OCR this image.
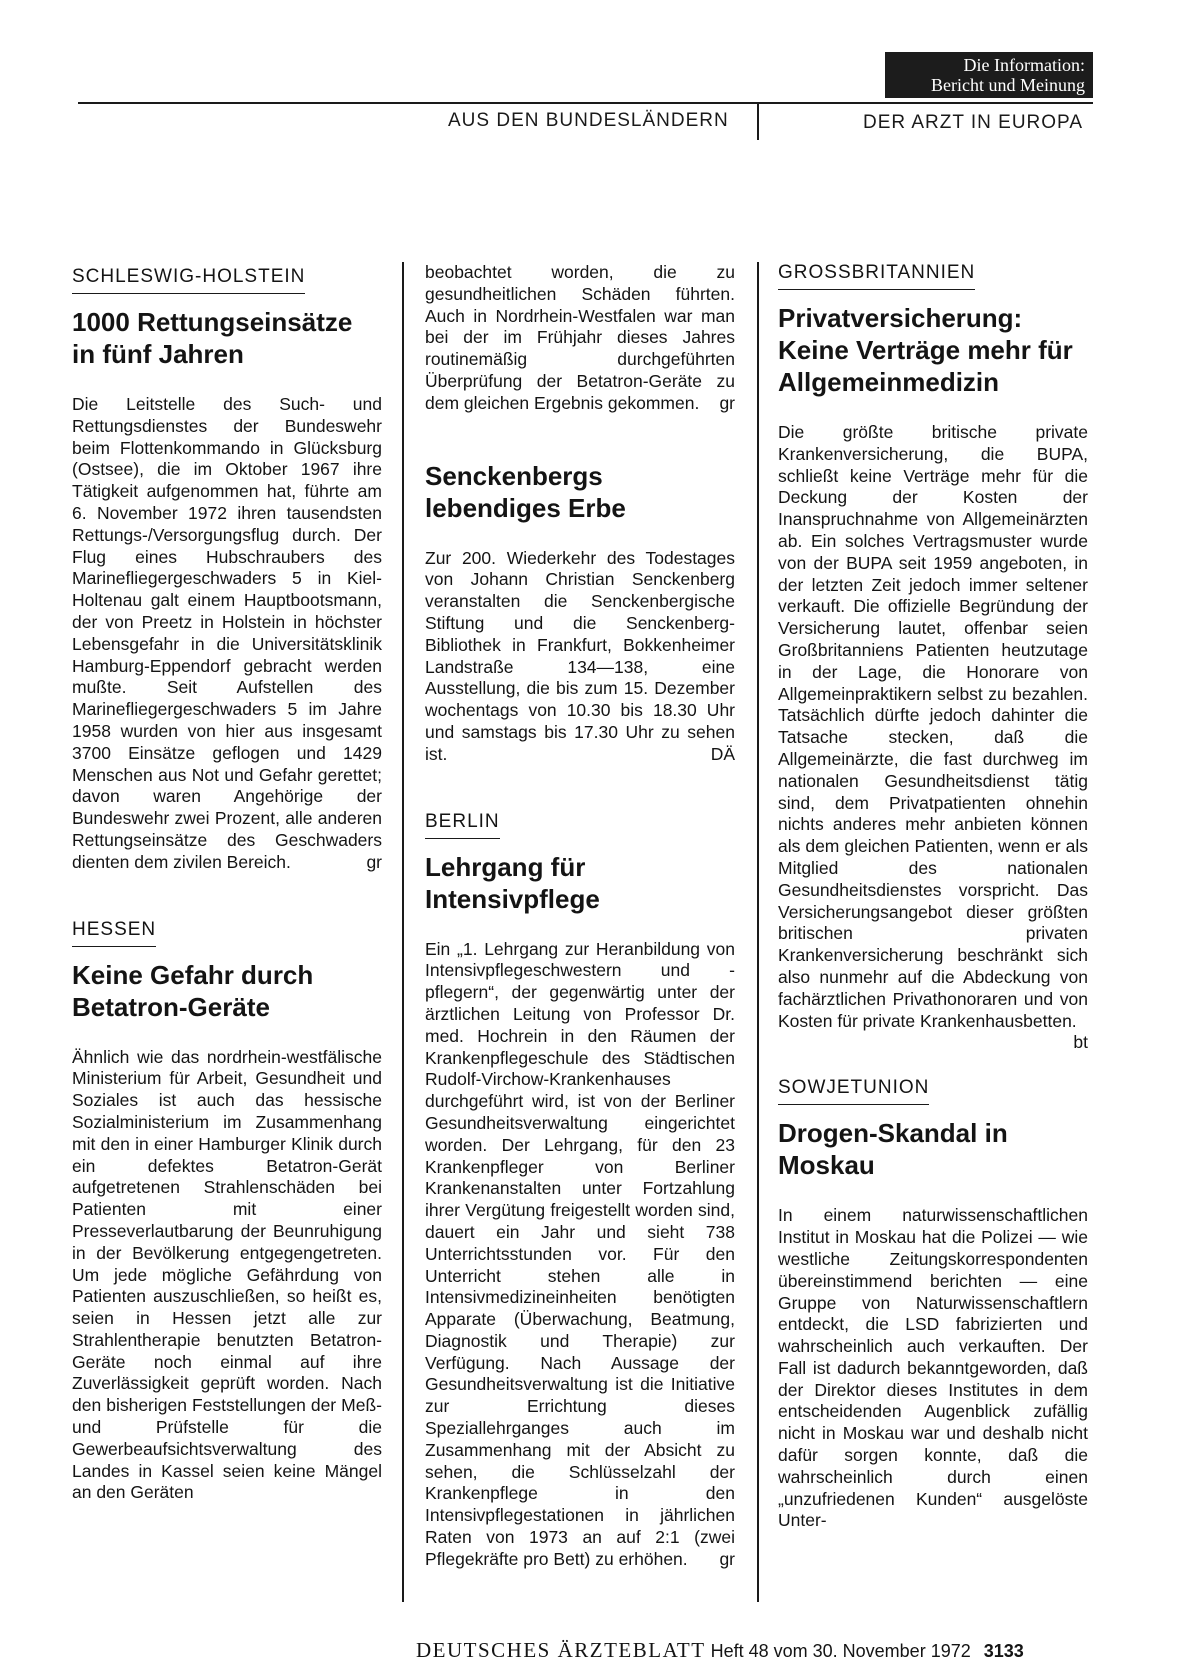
Die Information:
Bericht und Meinung
AUS DEN BUNDESLÄNDERN	DER ARZT IN EUROPA
SCHLESWIG-HOLSTEIN
1000 Rettungseinsätze in fünf Jahren

Die Leitstelle des Such- und Rettungsdienstes der Bundeswehr beim Flottenkommando in Glücksburg (Ostsee), die im Oktober 1967 ihre Tätigkeit aufgenommen hat, führte am 6. November 1972 ihren tausendsten Rettungs-/Versorgungsflug durch. Der Flug eines Hubschraubers des Marinefliegergeschwaders 5 in Kiel-Holtenau galt einem Hauptbootsmann, der von Preetz in Holstein in höchster Lebensgefahr in die Universitätsklinik Hamburg-Eppendorf gebracht werden mußte. Seit Aufstellen des Marinefliegergeschwaders 5 im Jahre 1958 wurden von hier aus insgesamt 3700 Einsätze geflogen und 1429 Menschen aus Not und Gefahr gerettet; davon waren Angehörige der Bundeswehr zwei Prozent, alle anderen Rettungseinsätze des Geschwaders dienten dem zivilen Bereich.	gr

HESSEN
Keine Gefahr durch Betatron-Geräte

Ähnlich wie das nordrhein-westfälische Ministerium für Arbeit, Gesundheit und Soziales ist auch das hessische Sozialministerium im Zusammenhang mit den in einer Hamburger Klinik durch ein defektes Betatron-Gerät aufgetretenen Strahlenschäden bei Patienten mit einer Presseverlautbarung der Beunruhigung in der Bevölkerung entgegengetreten. Um jede mögliche Gefährdung von Patienten auszuschließen, so heißt es, seien in Hessen jetzt alle zur Strahlentherapie benutzten Betatron-Geräte noch einmal auf ihre Zuverlässigkeit geprüft worden. Nach den bisherigen Feststellungen der Meß- und Prüfstelle für die Gewerbeaufsichtsverwaltung des Landes in Kassel seien keine Mängel an den Geräten

beobachtet worden, die zu gesundheitlichen Schäden führten. Auch in Nordrhein-Westfalen war man bei der im Frühjahr dieses Jahres routinemäßig durchgeführten Überprüfung der Betatron-Geräte zu dem gleichen Ergebnis gekommen. gr

Senckenbergs lebendiges Erbe

Zur 200. Wiederkehr des Todestages von Johann Christian Senckenberg veranstalten die Senckenbergische Stiftung und die Senckenberg-Bibliothek in Frankfurt, Bokkenheimer Landstraße 134—138, eine Ausstellung, die bis zum 15. Dezember wochentags von 10.30 bis 18.30 Uhr und samstags bis 17.30 Uhr zu sehen ist.	DÄ

BERLIN
Lehrgang für Intensivpflege

Ein „1. Lehrgang zur Heranbildung von Intensivpflegeschwestern und -pflegern“, der gegenwärtig unter der ärztlichen Leitung von Professor Dr. med. Hochrein in den Räumen der Krankenpflegeschule des Städtischen Rudolf-Virchow-Krankenhauses durchgeführt wird, ist von der Berliner Gesundheitsverwaltung eingerichtet worden. Der Lehrgang, für den 23 Krankenpfleger von Berliner Krankenanstalten unter Fortzahlung ihrer Vergütung freigestellt worden sind, dauert ein Jahr und sieht 738 Unterrichtsstunden vor. Für den Unterricht stehen alle in Intensivmedizineinheiten benötigten Apparate (Überwachung, Beatmung, Diagnostik und Therapie) zur Verfügung. Nach Aussage der Gesundheitsverwaltung ist die Initiative zur Errichtung dieses Speziallehrganges auch im Zusammenhang mit der Absicht zu sehen, die Schlüsselzahl der Krankenpflege in den Intensivpflegestationen in jährlichen Raten von 1973 an auf 2:1 (zwei Pflegekräfte pro Bett) zu erhöhen. gr

GROSSBRITANNIEN
Privatversicherung: Keine Verträge mehr für Allgemeinmedizin

Die größte britische private Krankenversicherung, die BUPA, schließt keine Verträge mehr für die Deckung der Kosten der Inanspruchnahme von Allgemeinärzten ab. Ein solches Vertragsmuster wurde von der BUPA seit 1959 angeboten, in der letzten Zeit jedoch immer seltener verkauft. Die offizielle Begründung der Versicherung lautet, offenbar seien Großbritanniens Patienten heutzutage in der Lage, die Honorare von Allgemeinpraktikern selbst zu bezahlen. Tatsächlich dürfte jedoch dahinter die Tatsache stecken, daß die Allgemeinärzte, die fast durchweg im nationalen Gesundheitsdienst tätig sind, dem Privatpatienten ohnehin nichts anderes mehr anbieten können als dem gleichen Patienten, wenn er als Mitglied des nationalen Gesundheitsdienstes vorspricht. Das Versicherungsangebot dieser größten britischen privaten Krankenversicherung beschränkt sich also nunmehr auf die Abdeckung von fachärztlichen Privathonoraren und von Kosten für private Krankenhausbetten.
bt

SOWJETUNION
Drogen-Skandal in Moskau

In einem naturwissenschaftlichen Institut in Moskau hat die Polizei — wie westliche Zeitungskorrespondenten übereinstimmend berichten — eine Gruppe von Naturwissenschaftlern entdeckt, die LSD fabrizierten und wahrscheinlich auch verkauften. Der Fall ist dadurch bekanntgeworden, daß der Direktor dieses Institutes in dem entscheidenden Augenblick zufällig nicht in Moskau war und deshalb nicht dafür sorgen konnte, daß die wahrscheinlich durch einen „unzufriedenen Kunden“ ausgelöste Unter-

DEUTSCHES ÄRZTEBLATT Heft 48 vom 30. November 1972 3133
